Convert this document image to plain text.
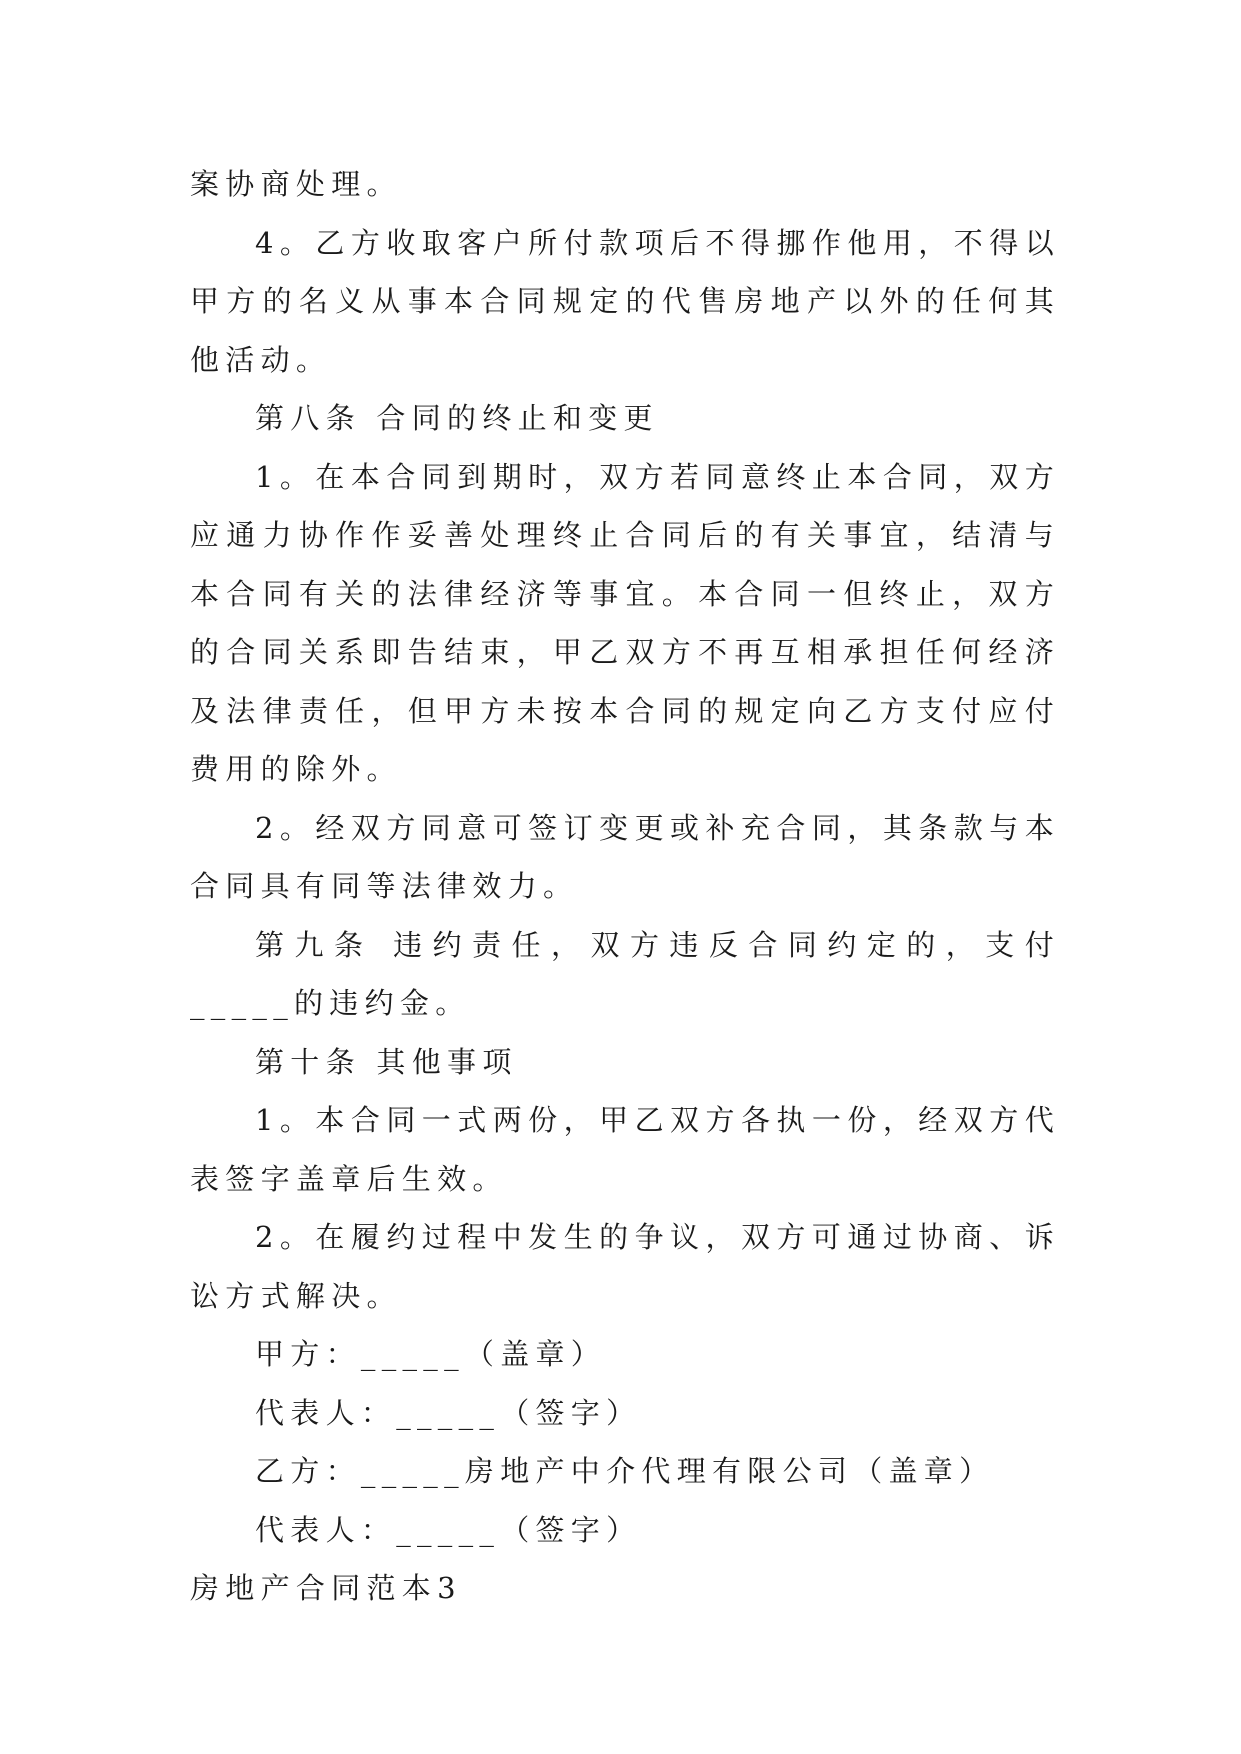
案协商处理。

4。乙方收取客户所付款项后不得挪作他用，不得以甲方的名义从事本合同规定的代售房地产以外的任何其他活动。

第八条 合同的终止和变更

1。在本合同到期时，双方若同意终止本合同，双方应通力协作作妥善处理终止合同后的有关事宜，结清与本合同有关的法律经济等事宜。本合同一但终止，双方的合同关系即告结束，甲乙双方不再互相承担任何经济及法律责任，但甲方未按本合同的规定向乙方支付应付费用的除外。

2。经双方同意可签订变更或补充合同，其条款与本合同具有同等法律效力。

第九条 违约责任，双方违反合同约定的，支付_____的违约金。

第十条 其他事项

1。本合同一式两份，甲乙双方各执一份，经双方代表签字盖章后生效。

2。在履约过程中发生的争议，双方可通过协商、诉讼方式解决。

甲方：_____（盖章）

代表人：_____（签字）

乙方：_____房地产中介代理有限公司（盖章）

代表人：_____（签字）

房地产合同范本3
